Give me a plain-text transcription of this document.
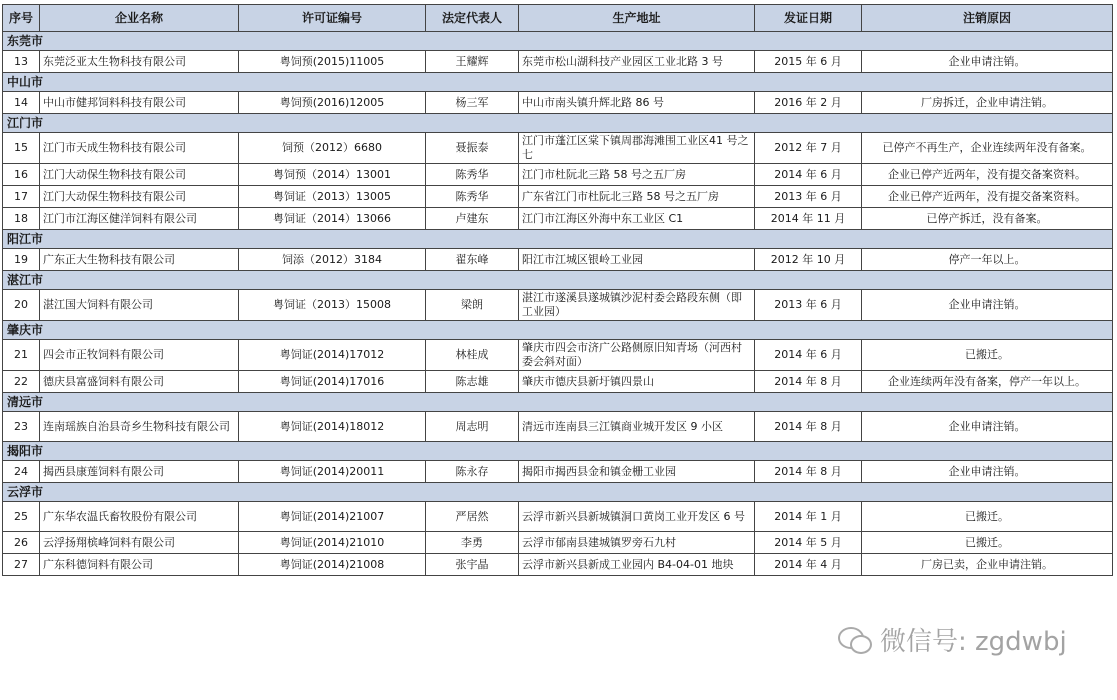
序号	企业名称	许可证编号	法定代表人	生产地址	发证日期	注销原因
东莞市						
13	东莞泛亚太生物科技有限公司	粤饲预(2015)11005	王耀辉	东莞市松山湖科技产业园区工业北路 3 号	2015 年 6 月	企业申请注销。
中山市						
14	中山市健邦饲料科技有限公司	粤饲预(2016)12005	杨三军	中山市南头镇升辉北路 86 号	2016 年 2 月	厂房拆迁，企业申请注销。
江门市						
15	江门市天成生物科技有限公司	饲预（2012）6680	聂振泰	江门市蓬江区棠下镇周郡海滩围工业区41 号之七	2012 年 7 月	已停产不再生产，企业连续两年没有备案。
16	江门大动保生物科技有限公司	粤饲预（2014）13001	陈秀华	江门市杜阮北三路 58 号之五厂房	2014 年 6 月	企业已停产近两年，没有提交备案资料。
17	江门大动保生物科技有限公司	粤饲证（2013）13005	陈秀华	广东省江门市杜阮北三路 58 号之五厂房	2013 年 6 月	企业已停产近两年，没有提交备案资料。
18	江门市江海区健洋饲料有限公司	粤饲证（2014）13066	卢建东	江门市江海区外海中东工业区 C1	2014 年 11 月	已停产拆迁，没有备案。
阳江市						
19	广东正大生物科技有限公司	饲添（2012）3184	翟东峰	阳江市江城区银岭工业园	2012 年 10 月	停产一年以上。
湛江市						
20	湛江国大饲料有限公司	粤饲证（2013）15008	梁朗	湛江市遂溪县遂城镇沙泥村委会路段东侧（即工业园）	2013 年 6 月	企业申请注销。
肇庆市						
21	四会市正牧饲料有限公司	粤饲证(2014)17012	林桂成	肇庆市四会市济广公路侧原旧知青场（河西村委会斜对面）	2014 年 6 月	已搬迁。
22	德庆县富盛饲料有限公司	粤饲证(2014)17016	陈志雄	肇庆市德庆县新圩镇四景山	2014 年 8 月	企业连续两年没有备案，停产一年以上。
清远市						
23	连南瑶族自治县奇乡生物科技有限公司	粤饲证(2014)18012	周志明	清远市连南县三江镇商业城开发区 9 小区	2014 年 8 月	企业申请注销。
揭阳市						
24	揭西县康莲饲料有限公司	粤饲证(2014)20011	陈永存	揭阳市揭西县金和镇金栅工业园	2014 年 8 月	企业申请注销。
云浮市						
25	广东华农温氏畜牧股份有限公司	粤饲证(2014)21007	严居然	云浮市新兴县新城镇洞口黄岗工业开发区 6 号	2014 年 1 月	已搬迁。
26	云浮扬翔槟峰饲料有限公司	粤饲证(2014)21010	李勇	云浮市郁南县建城镇罗旁石九村	2014 年 5 月	已搬迁。
27	广东科德饲料有限公司	粤饲证(2014)21008	张宇晶	云浮市新兴县新成工业园内 B4-04-01 地块	2014 年 4 月	厂房已卖，企业申请注销。
微信号: zgdwbj
